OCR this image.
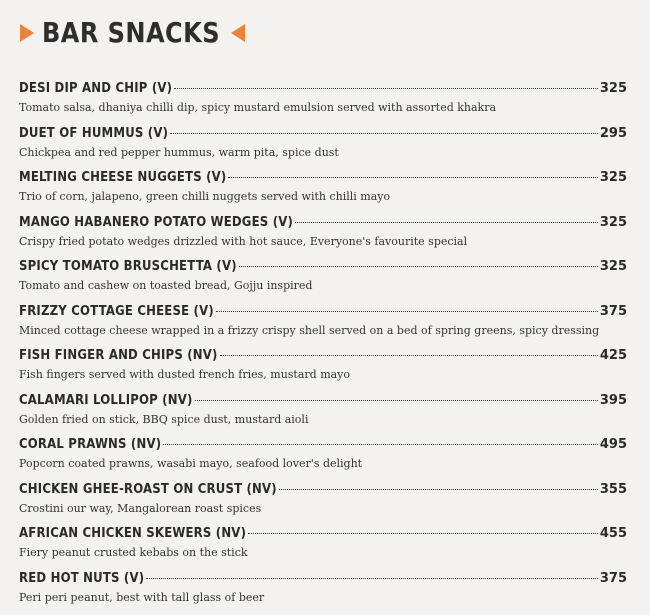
BAR SNACKS
DESI DIP AND CHIP (V)	325
Tomato salsa, dhaniya chilli dip, spicy mustard emulsion served with assorted khakra
DUET OF HUMMUS (V)	295
Chickpea and red pepper hummus, warm pita, spice dust
MELTING CHEESE NUGGETS (V)	325
Trio of corn, jalapeno, green chilli nuggets served with chilli mayo
MANGO HABANERO POTATO WEDGES (V)	325
Crispy fried potato wedges drizzled with hot sauce, Everyone's favourite special
SPICY TOMATO BRUSCHETTA (V)	325
Tomato and cashew on toasted bread, Gojju inspired
FRIZZY COTTAGE CHEESE (V)	375
Minced cottage cheese wrapped in a frizzy crispy shell served on a bed of spring greens, spicy dressing
FISH FINGER AND CHIPS (NV)	425
Fish fingers served with dusted french fries, mustard mayo
CALAMARI LOLLIPOP (NV)	395
Golden fried on stick, BBQ spice dust, mustard aioli
CORAL PRAWNS (NV)	495
Popcorn coated prawns, wasabi mayo, seafood lover's delight
CHICKEN GHEE-ROAST ON CRUST (NV)	355
Crostini our way, Mangalorean roast spices
AFRICAN CHICKEN SKEWERS (NV)	455
Fiery peanut crusted kebabs on the stick
RED HOT NUTS (V)	375
Peri peri peanut, best with tall glass of beer
